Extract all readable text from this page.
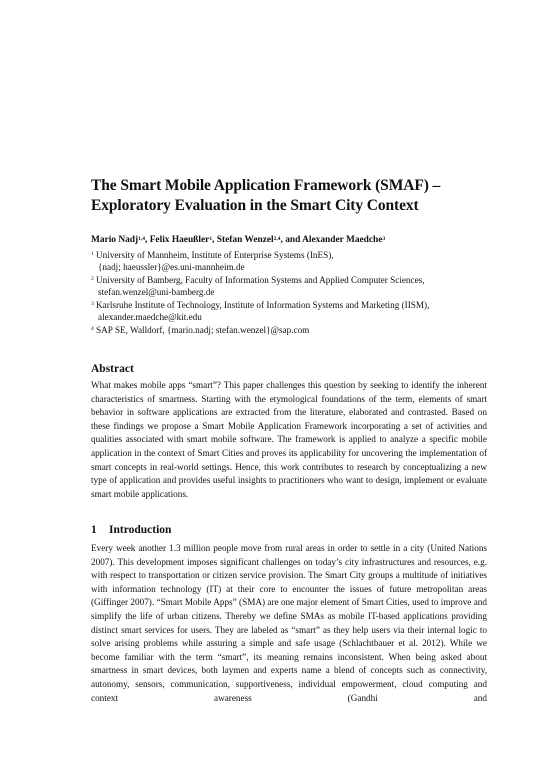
The Smart Mobile Application Framework (SMAF) –
Exploratory Evaluation in the Smart City Context
Mario Nadj$^{1,4}$, Felix Haeußler$^1$, Stefan Wenzel$^{2,4}$, and Alexander Maedche$^3$
$^1$ University of Mannheim, Institute of Enterprise Systems (InES),
{nadj; haeussler}@es.uni-mannheim.de
$^2$ University of Bamberg, Faculty of Information Systems and Applied Computer Sciences,
stefan.wenzel@uni-bamberg.de
$^3$ Karlsruhe Institute of Technology, Institute of Information Systems and Marketing (IISM),
alexander.maedche@kit.edu
$^4$ SAP SE, Walldorf, {mario.nadj; stefan.wenzel}@sap.com
Abstract
What makes mobile apps “smart”? This paper challenges this question by seeking to identify the inherent characteristics of smartness. Starting with the etymological foundations of the term, elements of smart behavior in software applications are extracted from the literature, elaborated and contrasted. Based on these findings we propose a Smart Mobile Application Framework incorporating a set of activities and qualities associated with smart mobile software. The framework is applied to analyze a specific mobile application in the context of Smart Cities and proves its applicability for uncovering the implementation of smart concepts in real-world settings. Hence, this work contributes to research by conceptualizing a new type of application and provides useful insights to practitioners who want to design, implement or evaluate smart mobile applications.
1 Introduction
Every week another 1.3 million people move from rural areas in order to settle in a city (United Nations 2007). This development imposes significant challenges on today’s city infrastructures and resources, e.g. with respect to transportation or citizen service provision. The Smart City groups a multitude of initiatives with information technology (IT) at their core to encounter the issues of future metropolitan areas (Giffinger 2007). “Smart Mobile Apps” (SMA) are one major element of Smart Cities, used to improve and simplify the life of urban citizens. Thereby we define SMAs as mobile IT-based applications providing distinct smart services for users. They are labeled as “smart” as they help users via their internal logic to solve arising problems while assuring a simple and safe usage (Schlachtbauer et al. 2012). While we become familiar with the term “smart”, its meaning remains inconsistent. When being asked about smartness in smart devices, both laymen and experts name a blend of concepts such as connectivity, autonomy, sensors, communication, supportiveness, individual empowerment, cloud computing and context awareness (Gandhi and
